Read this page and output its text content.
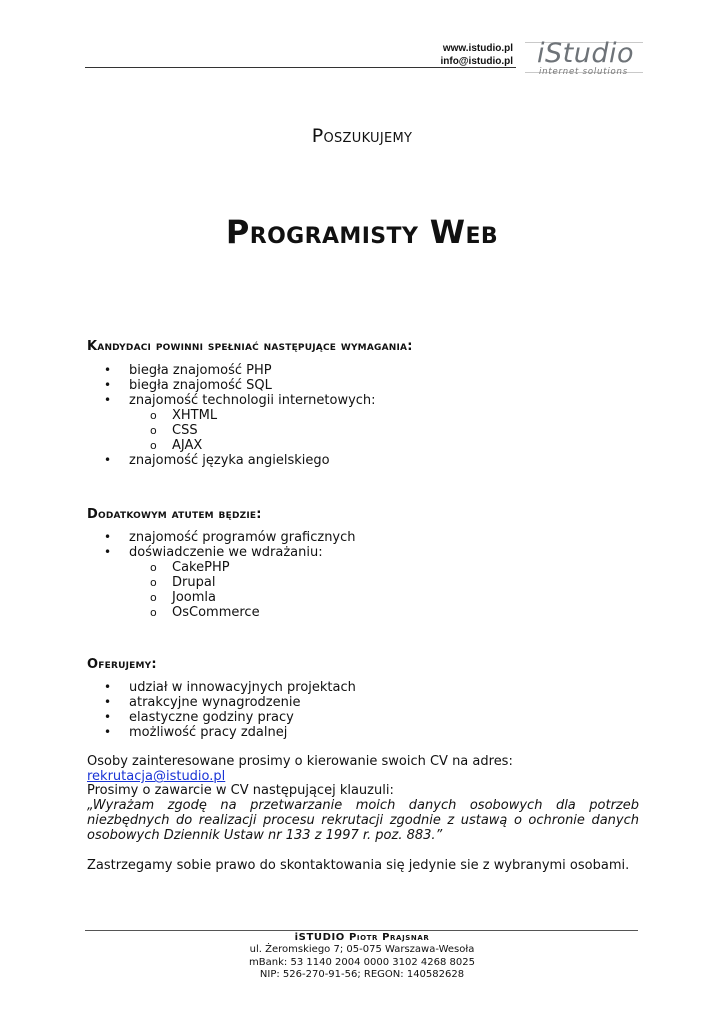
www.istudio.pl
info@istudio.pl iStudio
internet solutions
Poszukujemy
Programisty Web
Kandydaci powinni spełniać następujące wymagania:
• biegła znajomość PHP
• biegła znajomość SQL
• znajomość technologii internetowych:
o XHTML
o CSS
o AJAX
• znajomość języka angielskiego
Dodatkowym atutem będzie:
• znajomość programów graficznych
• doświadczenie we wdrażaniu:
o CakePHP
o Drupal
o Joomla
o OsCommerce
Oferujemy:
• udział w innowacyjnych projektach
• atrakcyjne wynagrodzenie
• elastyczne godziny pracy
• możliwość pracy zdalnej
Osoby zainteresowane prosimy o kierowanie swoich CV na adres: rekrutacja@istudio.pl
Prosimy o zawarcie w CV następującej klauzuli:
„Wyrażam zgodę na przetwarzanie moich danych osobowych dla potrzeb niezbędnych do realizacji procesu rekrutacji zgodnie z ustawą o ochronie danych osobowych Dziennik Ustaw nr 133 z 1997 r. poz. 883.”
Zastrzegamy sobie prawo do skontaktowania się jedynie sie z wybranymi osobami.
iSTUDIO Piotr Prajsnar
ul. Żeromskiego 7; 05-075 Warszawa-Wesoła
mBank: 53 1140 2004 0000 3102 4268 8025
NIP: 526-270-91-56; REGON: 140582628
